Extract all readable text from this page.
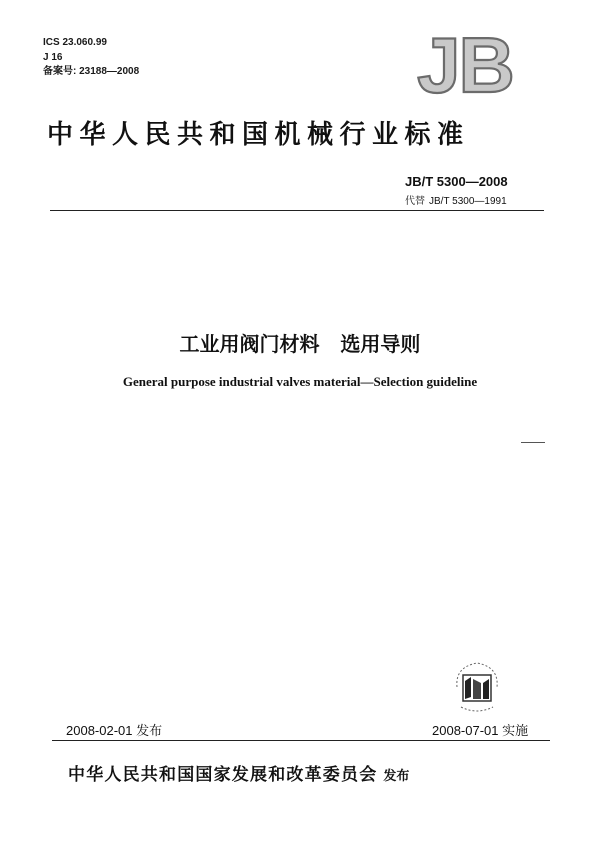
ICS 23.060.99
J 16
备案号: 23188—2008	JB
中华人民共和国机械行业标准
JB/T 5300—2008
代替 JB/T 5300—1991
工业用阀门材料   选用导则
General purpose industrial valves material—Selection guideline
2008-02-01 发布	2008-07-01 实施
中华人民共和国国家发展和改革委员会 发布
